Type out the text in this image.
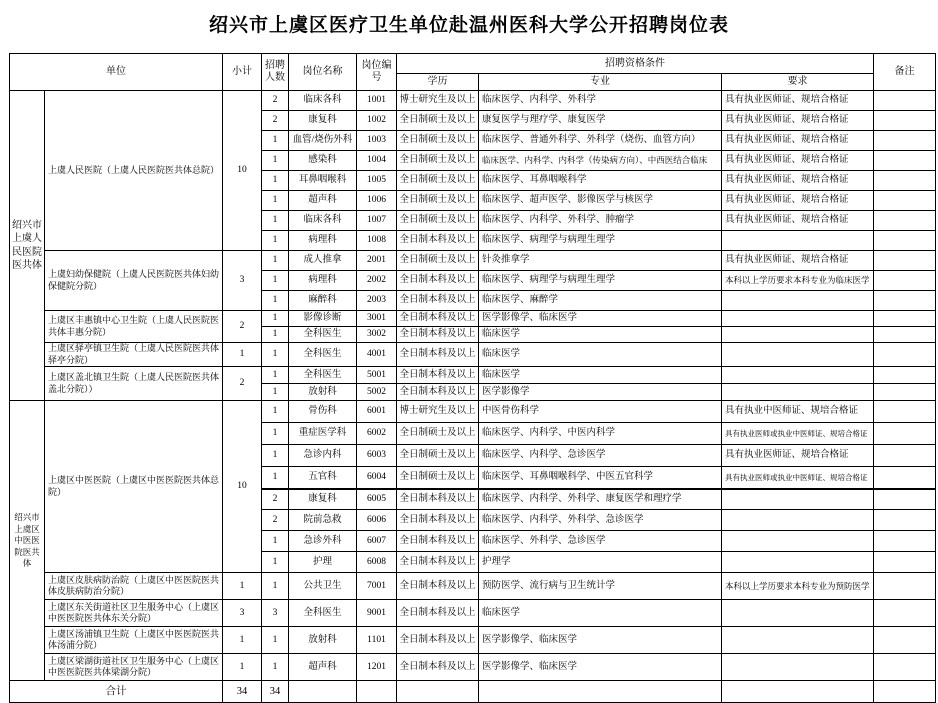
绍兴市上虞区医疗卫生单位赴温州医科大学公开招聘岗位表
单位		小计	招聘人数	岗位名称	岗位编号	招聘资格条件			备注
						学历	专业	要求	
绍兴市上虞人民医院医共体	上虞人民医院（上虞人民医院医共体总院）	10	2	临床各科	1001	博士研究生及以上	临床医学、内科学、外科学	具有执业医师证、规培合格证	
			2	康复科	1002	全日制硕士及以上	康复医学与理疗学、康复医学	具有执业医师证、规培合格证	
			1	血管/烧伤外科	1003	全日制硕士及以上	临床医学、普通外科学、外科学（烧伤、血管方向）	具有执业医师证、规培合格证	
			1	感染科	1004	全日制硕士及以上	临床医学、内科学、内科学（传染病方向）、中西医结合临床	具有执业医师证、规培合格证	
			1	耳鼻咽喉科	1005	全日制硕士及以上	临床医学、耳鼻咽喉科学	具有执业医师证、规培合格证	
			1	超声科	1006	全日制硕士及以上	临床医学、超声医学、影像医学与核医学	具有执业医师证、规培合格证	
			1	临床各科	1007	全日制硕士及以上	临床医学、内科学、外科学、肿瘤学	具有执业医师证、规培合格证	
			1	病理科	1008	全日制本科及以上	临床医学、病理学与病理生理学		
	上虞妇幼保健院（上虞人民医院医共体妇幼保健院分院）	3	1	成人推拿	2001	全日制硕士及以上	针灸推拿学	具有执业医师证、规培合格证	
			1	病理科	2002	全日制本科及以上	临床医学、病理学与病理生理学	本科以上学历要求本科专业为临床医学	
			1	麻醉科	2003	全日制本科及以上	临床医学、麻醉学		
	上虞区丰惠镇中心卫生院（上虞人民医院医共体丰惠分院）	2	1	影像诊断	3001	全日制本科及以上	医学影像学、临床医学		
			1	全科医生	3002	全日制本科及以上	临床医学		
	上虞区驿亭镇卫生院（上虞人民医院医共体驿亭分院）	1	1	全科医生	4001	全日制本科及以上	临床医学		
	上虞区盖北镇卫生院（上虞人民医院医共体盖北分院））	2	1	全科医生	5001	全日制本科及以上	临床医学		
			1	放射科	5002	全日制本科及以上	医学影像学		
绍兴市上虞区中医医院医共体	上虞区中医医院（上虞区中医医院医共体总院）	10	1	骨伤科	6001	博士研究生及以上	中医骨伤科学	具有执业中医师证、规培合格证	
			1	重症医学科	6002	全日制硕士及以上	临床医学、内科学、中医内科学	具有执业医师或执业中医师证、规培合格证	
			1	急诊内科	6003	全日制硕士及以上	临床医学、内科学、急诊医学	具有执业医师证、规培合格证	
			1	五官科	6004	全日制硕士及以上	临床医学、耳鼻咽喉科学、中医五官科学	具有执业医师或执业中医师证、规培合格证	
			2	康复科	6005	全日制本科及以上	临床医学、内科学、外科学、康复医学和理疗学		
			2	院前急救	6006	全日制本科及以上	临床医学、内科学、外科学、急诊医学		
			1	急诊外科	6007	全日制本科及以上	临床医学、外科学、急诊医学		
			1	护理	6008	全日制本科及以上	护理学		
	上虞区皮肤病防治院（上虞区中医医院医共体皮肤病防治分院）	1	1	公共卫生	7001	全日制本科及以上	预防医学、流行病与卫生统计学	本科以上学历要求本科专业为预防医学	
	上虞区东关街道社区卫生服务中心（上虞区中医医院医共体东关分院）	3	3	全科医生	9001	全日制本科及以上	临床医学		
	上虞区汤浦镇卫生院（上虞区中医医院医共体汤浦分院）	1	1	放射科	1101	全日制本科及以上	医学影像学、临床医学		
	上虞区梁湖街道社区卫生服务中心（上虞区中医医院医共体梁湖分院）	1	1	超声科	1201	全日制本科及以上	医学影像学、临床医学		
合计		34	34						
